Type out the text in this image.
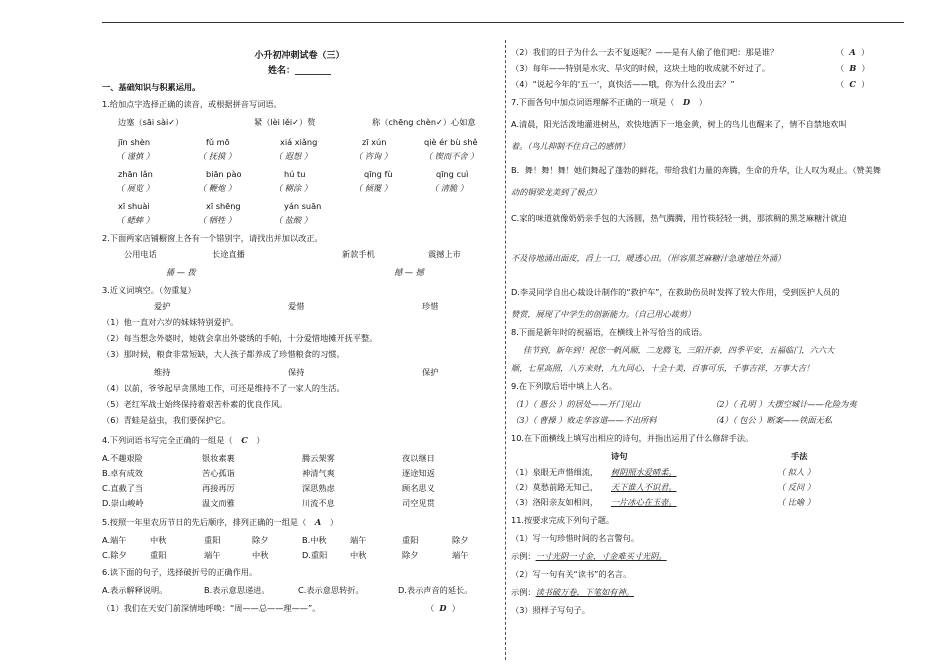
小升初冲刺试卷（三）
姓名：________
一、基础知识与积累运用。
1.给加点字选择正确的读音，或根据拼音写词语。
边塞（sāi sài✓）	紧（lèi lěi✓）赘	称（chēng chèn✓）心如意
jīn shèn	fǔ mō	xiá xiǎng	zī xún	qiè ér bù shě
（ 谨慎 ）	（ 抚摸 ）	（ 遐想 ）	（ 咨询 ）	（ 锲而不舍 ）
zhān lǎn	biān pào	hú tu	qīng fù	qīng cuì
（ 展览 ）	（ 鞭炮 ）	（ 糊涂 ）	（ 倾覆 ）	（ 清脆 ）
xī shuài	xī shēng	yán suān
（ 蟋蟀 ）	（ 牺牲 ）	（ 盐酸 ）
2.下面两家店铺橱窗上各有一个错别字，请找出并加以改正。
公用电话	长途直播	新款手机	震撼上市
播 — 拨	撼 — 撼
3.近义词填空。（勿重复）
爱护	爱惜	珍惜
（1）他一直对六岁的妹妹特别爱护。
（2）每当想念外婆时，她就会拿出外婆绣的手帕，十分爱惜地摊开抚平整。
（3）那时候，粮食非常短缺，大人孩子都养成了珍惜粮食的习惯。
维持	保持	保护
（4）以前，爷爷起早贪黑地工作，可还是维持不了一家人的生活。
（5）老红军战士始终保持着艰苦朴素的优良作风。
（6）青蛙是益虫，我们要保护它。
4.下列词语书写完全正确的一组是（ C ）
A.不趣艰险	银妆素裹	腾云架雾	夜以继日
B.卓有成效	苦心孤诣	神清气爽	逐途知返
C.直截了当	再接再厉	深思熟虑	顾名思义
D.崇山峻岭	温文而雅	川流不息	司空见贯
5.按照一年里农历节日的先后顺序，排列正确的一组是（ A ）
A.端午	中秋	重阳	除夕	B.中秋	端午	重阳	除夕
C.除夕	重阳	端午	中秋	D.重阳	中秋	除夕	端午
6.读下面的句子，选择破折号的正确作用。
A.表示解释说明。	B.表示意思递进。	C.表示意思转折。	D.表示声音的延长。
（1）我们在天安门前深情地呼唤：“周——总——理——”。	（  D  ）
（2）我们的日子为什么一去不复返呢？——是有人偷了他们吧：那是谁？	（  A  ）
（3）每年——特别是水灾、旱灾的时候，这块土地的收成就不好过了。	（  B  ）
（4）“说起今年的‘五一’，真快活——哦，你为什么没出去？”	（  C  ）
7.下面各句中加点词语理解不正确的一项是（ D ）
A.清晨，阳光活泼地灌进树丛，欢快地洒下一地金黄，树上的鸟儿也醒来了，情不自禁地欢叫
着。（鸟儿抑制不住自己的感情）
B．舞！舞！舞！她们舞起了蓬勃的鲜花，带给我们力量的奔腾，生命的升华，让人叹为观止。（赞美舞
动的铜梁龙美到了极点）
C.家的味道就像奶奶亲手包的大汤圆，热气腾腾，用竹筷轻轻一挑，那浓稠的黑芝麻糖汁就迫
不及待地涌出面皮，舀上一口，暖透心田。（形容黑芝麻糖汁急速地往外涌）
D.李灵同学自出心裁设计制作的“救护车”，在救助伤员时发挥了较大作用，受到医护人员的
赞赏，展现了中学生的创新能力。（自己用心裁剪）
8.下面是新年时的祝福语，在横线上补写恰当的成语。
佳节到，新年到！祝您一帆风顺，二龙腾飞，三阳开泰，四季平安，五福临门，六六大
顺，七星高照，八方来财，九九同心，十全十美，百事可乐，千事吉祥，万事大吉！
9.在下列歇后语中填上人名。
（1）（ 愚公 ）的居处——开门见山	（2）（ 孔明 ）大摆空城计——化险为夷
（3）（ 曹操 ）败走华容道——不出所料	（4）（ 包公 ）断案——铁面无私
10.在下面横线上填写出相应的诗句，并指出运用了什么修辞手法。
诗句	手法
（1）泉眼无声惜细流， 树阴照水爱晴柔。	（ 拟人 ）
（2）莫愁前路无知己， 天下谁人不识君。	（ 反问 ）
（3）洛阳亲友如相问， 一片冰心在玉壶。	（ 比喻 ）
11.按要求完成下列句子题。
（1）写一句珍惜时间的名言警句。
示例：一寸光阴一寸金，寸金难买寸光阴。
（2）写一句有关“读书”的名言。
示例：读书破万卷，下笔如有神。
（3）照样子写句子。
